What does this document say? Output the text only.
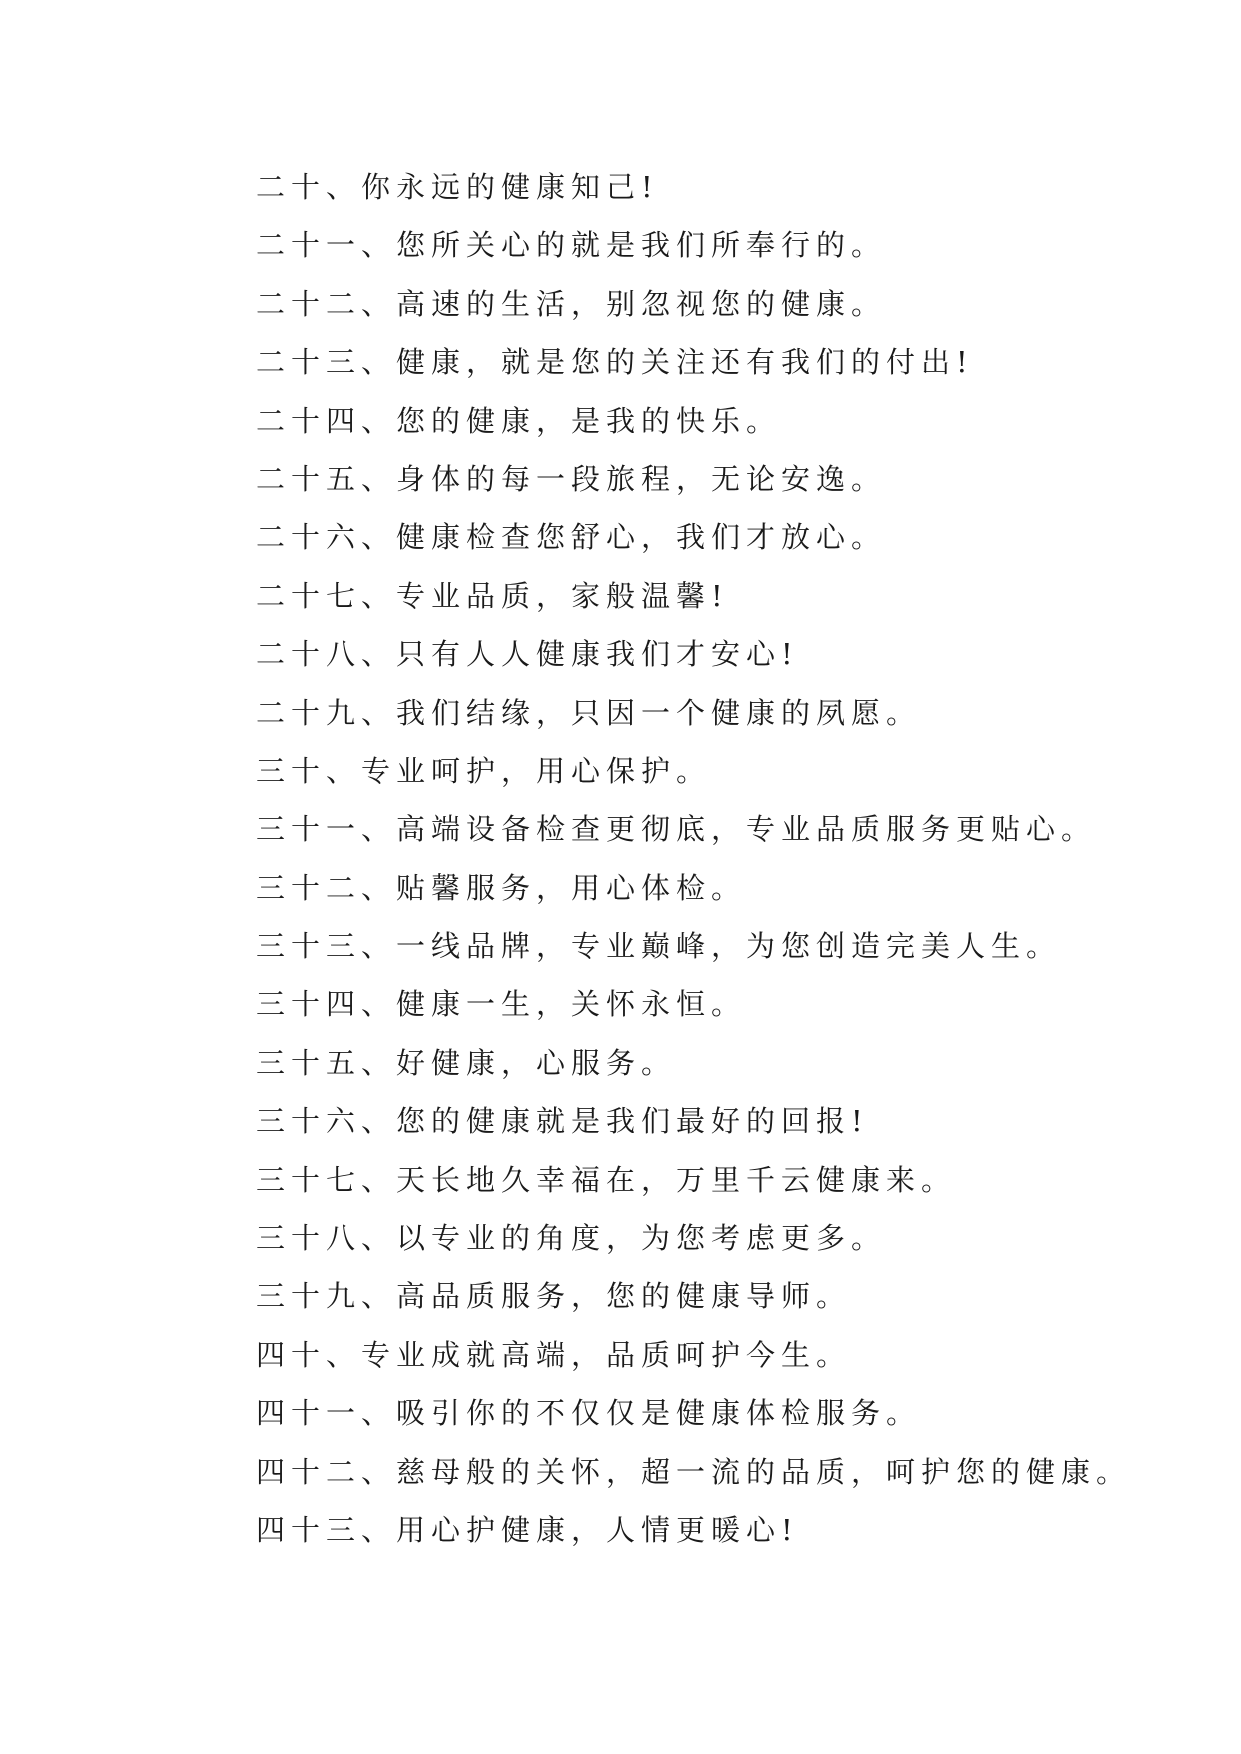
二十、你永远的健康知己!

二十一、您所关心的就是我们所奉行的。

二十二、高速的生活，别忽视您的健康。

二十三、健康，就是您的关注还有我们的付出!

二十四、您的健康，是我的快乐。

二十五、身体的每一段旅程，无论安逸。

二十六、健康检查您舒心，我们才放心。

二十七、专业品质，家般温馨!

二十八、只有人人健康我们才安心!

二十九、我们结缘，只因一个健康的夙愿。

三十、专业呵护，用心保护。

三十一、高端设备检查更彻底，专业品质服务更贴心。

三十二、贴馨服务，用心体检。

三十三、一线品牌，专业巅峰，为您创造完美人生。

三十四、健康一生，关怀永恒。

三十五、好健康，心服务。

三十六、您的健康就是我们最好的回报!

三十七、天长地久幸福在，万里千云健康来。

三十八、以专业的角度，为您考虑更多。

三十九、高品质服务，您的健康导师。

四十、专业成就高端，品质呵护今生。

四十一、吸引你的不仅仅是健康体检服务。

四十二、慈母般的关怀，超一流的品质，呵护您的健康。

四十三、用心护健康，人情更暖心!
